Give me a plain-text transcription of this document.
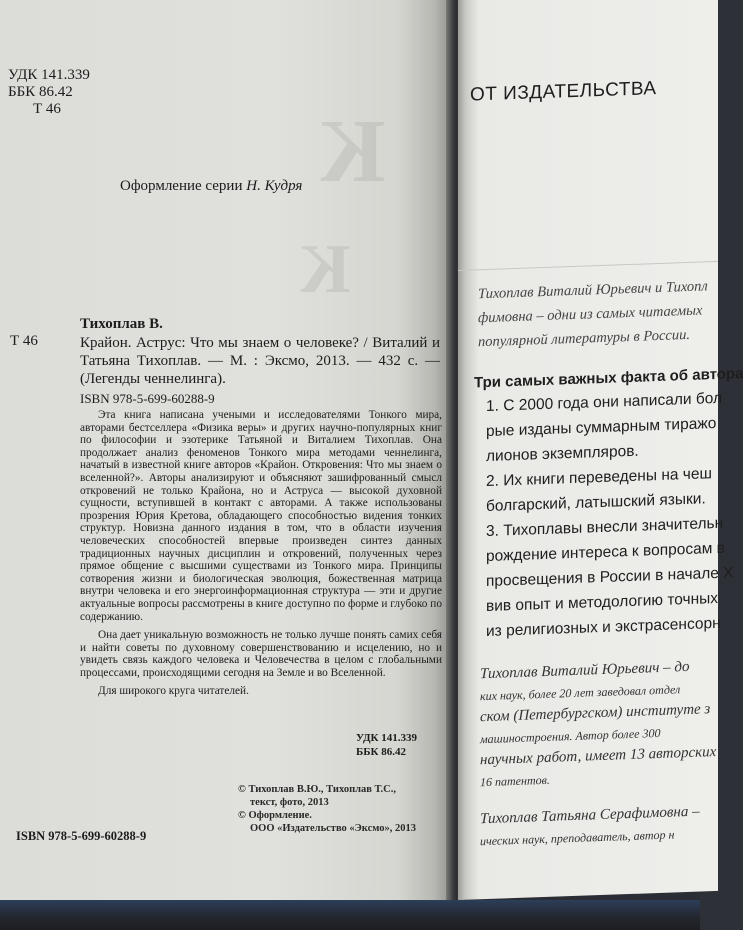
К
К
УДК 141.339
ББК 86.42
Т 46
Оформление серии Н. Кудря
Тихоплав В.
Т 46	Крайон. Аструс: Что мы знаем о человеке? / Виталий и Татьяна Тихоплав. — М. : Эксмо, 2013. — 432 с. — (Легенды ченнелинга).
ISBN 978-5-699-60288-9

Эта книга написана учеными и исследователями Тонкого мира, авторами бестселлера «Физика веры» и других научно-популярных книг по философии и эзотерике Татьяной и Виталием Тихоплав. Она продолжает анализ феноменов Тонкого мира методами ченнелинга, начатый в известной книге авторов «Крайон. Откровения: Что мы знаем о вселенной?». Авторы анализируют и объясняют зашифрованный смысл откровений не только Крайона, но и Аструса — высокой духовной сущности, вступившей в контакт с авторами. А также использованы прозрения Юрия Кретова, обладающего способностью видения тонких структур. Новизна данного издания в том, что в области изучения человеческих способностей впервые произведен синтез данных традиционных научных дисциплин и откровений, полученных через прямое общение с высшими существами из Тонкого мира. Принципы сотворения жизни и биологическая эволюция, божественная матрица внутри человека и его энергоинформационная структура — эти и другие актуальные вопросы рассмотрены в книге доступно по форме и глубоко по содержанию.

Она дает уникальную возможность не только лучше понять самих себя и найти советы по духовному совершенствованию и исцелению, но и увидеть связь каждого человека и Человечества в целом с глобальными процессами, происходящими сегодня на Земле и во Вселенной.

Для широкого круга читателей.

УДК 141.339
ББК 86.42
© Тихоплав В.Ю., Тихоплав Т.С.,
текст, фото, 2013
© Оформление.
ООО «Издательство «Эксмо», 2013
ISBN 978-5-699-60288-9
ОТ ИЗДАТЕЛЬСТВА
Тихоплав Виталий Юрьевич и Тихопл
фимовна – одни из самых читаемых
популярной литературы в России.
Три самых важных факта об автора
1. С 2000 года они написали бол
рые изданы суммарным тиражо
лионов экземпляров.
2. Их книги переведены на чеш
болгарский, латышский языки.
3. Тихоплавы внесли значительн
рождение интереса к вопросам в
просвещения в России в начале Х
вив опыт и методологию точных
из религиозных и экстрасенсорн
Тихоплав Виталий Юрьевич – до
ких наук, более 20 лет заведовал отдел
ском (Петербургском) институте з
машиностроения. Автор более 300
научных работ, имеет 13 авторских
16 патентов.
Тихоплав Татьяна Серафимовна –
ических наук, преподаватель, автор н
